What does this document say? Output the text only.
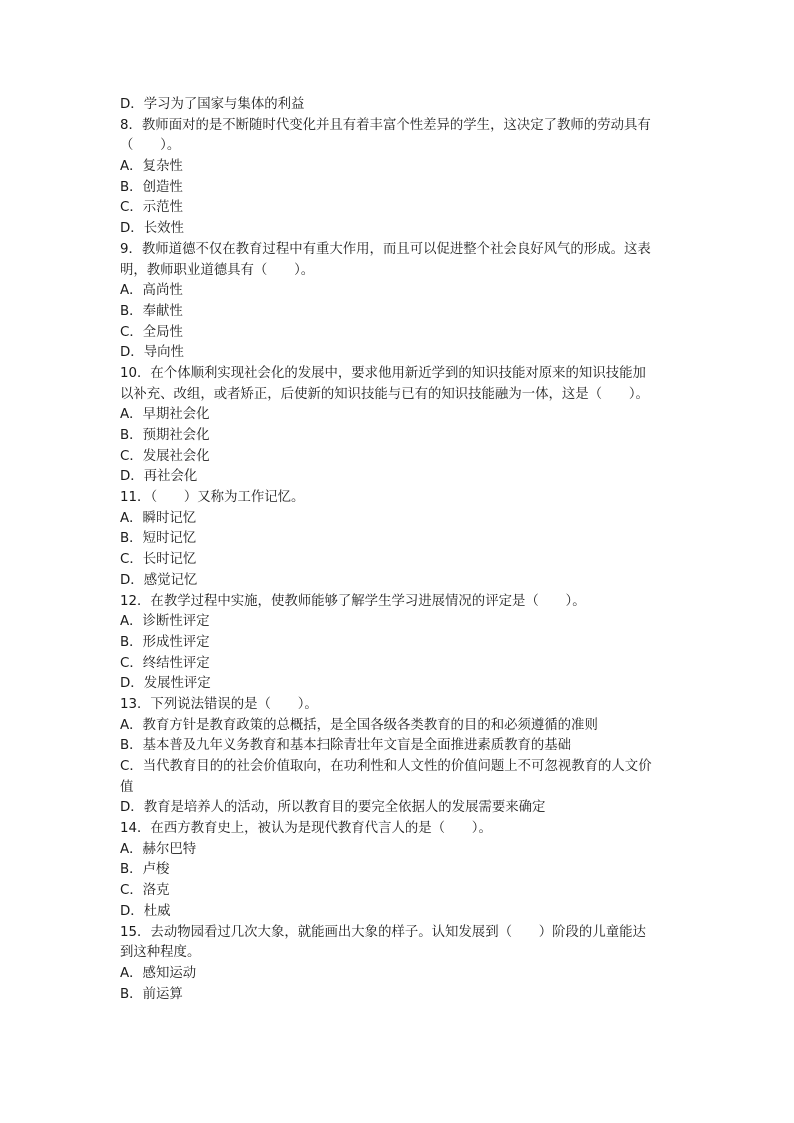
D．学习为了国家与集体的利益
8．教师面对的是不断随时代变化并且有着丰富个性差异的学生，这决定了教师的劳动具有
（　　）。
A．复杂性
B．创造性
C．示范性
D．长效性
9．教师道德不仅在教育过程中有重大作用，而且可以促进整个社会良好风气的形成。这表
明，教师职业道德具有（　　）。
A．高尚性
B．奉献性
C．全局性
D．导向性
10．在个体顺利实现社会化的发展中，要求他用新近学到的知识技能对原来的知识技能加
以补充、改组，或者矫正，后使新的知识技能与已有的知识技能融为一体，这是（　　）。
A．早期社会化
B．预期社会化
C．发展社会化
D．再社会化
11．（　　）又称为工作记忆。
A．瞬时记忆
B．短时记忆
C．长时记忆
D．感觉记忆
12．在教学过程中实施，使教师能够了解学生学习进展情况的评定是（　　）。
A．诊断性评定
B．形成性评定
C．终结性评定
D．发展性评定
13．下列说法错误的是（　　）。
A．教育方针是教育政策的总概括，是全国各级各类教育的目的和必须遵循的准则
B．基本普及九年义务教育和基本扫除青壮年文盲是全面推进素质教育的基础
C．当代教育目的的社会价值取向，在功利性和人文性的价值问题上不可忽视教育的人文价
值
D．教育是培养人的活动，所以教育目的要完全依据人的发展需要来确定
14．在西方教育史上，被认为是现代教育代言人的是（　　）。
A．赫尔巴特
B．卢梭
C．洛克
D．杜威
15．去动物园看过几次大象，就能画出大象的样子。认知发展到（　　）阶段的儿童能达
到这种程度。
A．感知运动
B．前运算
